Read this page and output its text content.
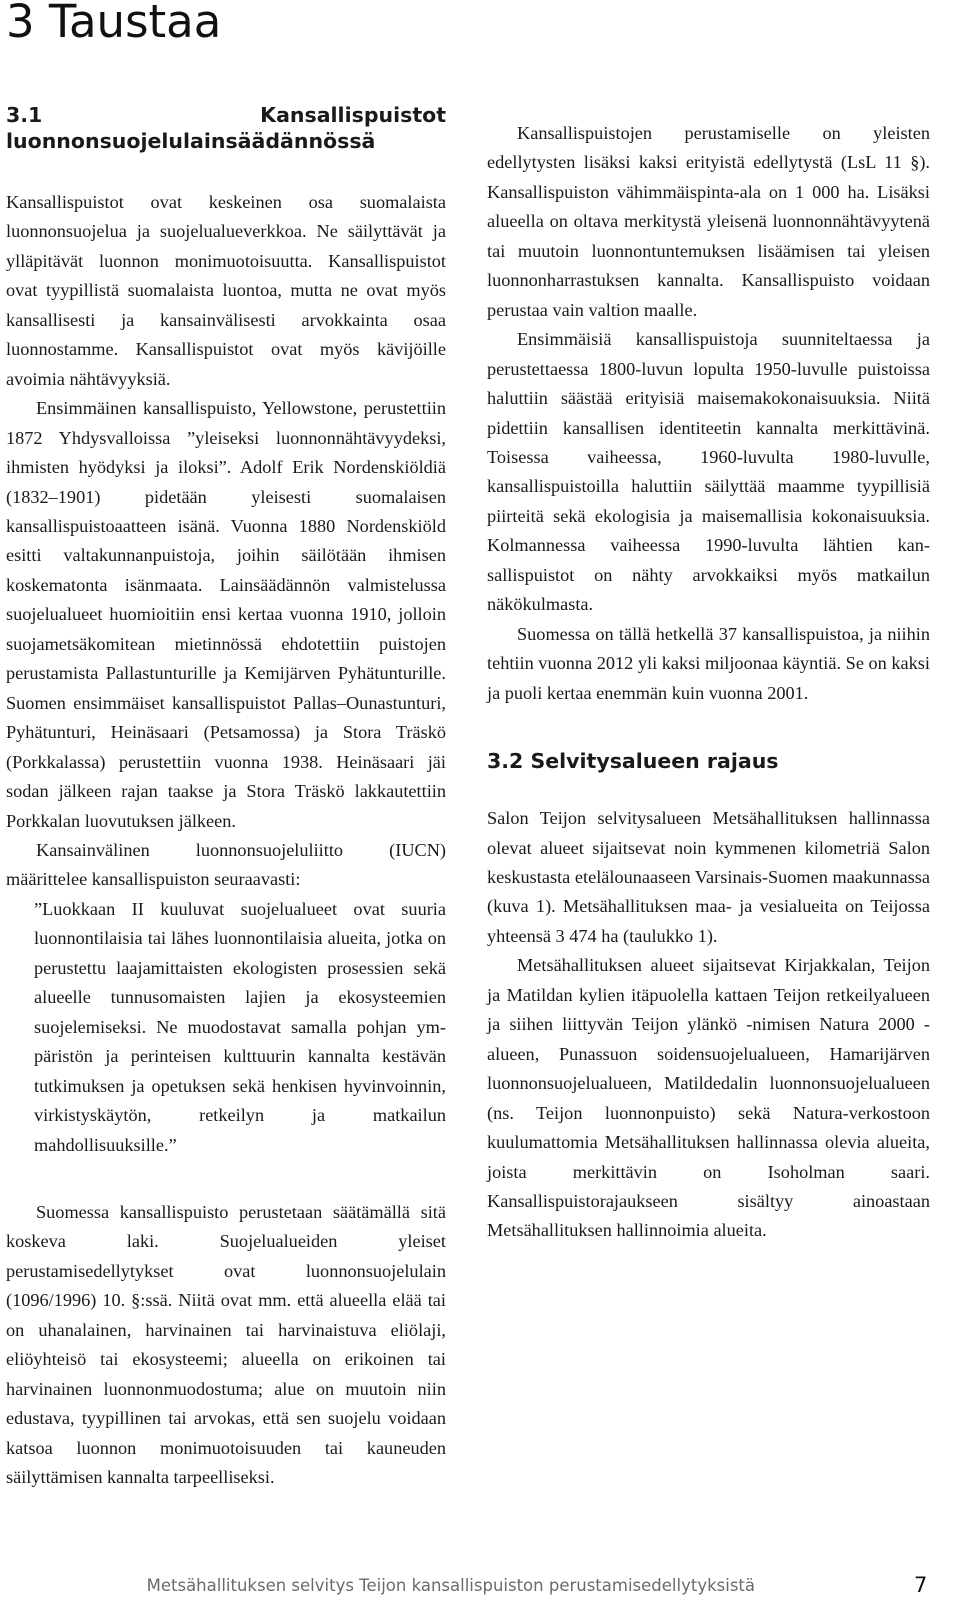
3 Taustaa
3.1 Kansallispuistot luonnonsuojelulainsäädännössä

Kansallispuistot ovat keskeinen osa suomalaista luonnonsuojelua ja suojelualueverkkoa. Ne säilyttävät ja ylläpitävät luonnon monimuotoisuutta. Kansallispuistot ovat tyypillistä suomalaista luontoa, mutta ne ovat myös kansallisesti ja kansainvälisesti arvokkainta osaa luonnostamme. Kansallispuistot ovat myös kävijöille avoimia nähtävyyksiä.

Ensimmäinen kansallispuisto, Yellowstone, perustettiin 1872 Yhdysvalloissa ”yleiseksi luonnonnähtävyydeksi, ihmisten hyödyksi ja iloksi”. Adolf Erik Nordenskiöldiä (1832–1901) pidetään yleisesti suomalaisen kansallispuistoaatteen isänä. Vuonna 1880 Nordenskiöld esitti valtakunnanpuistoja, joihin säilötään ihmisen koskematonta isänmaata. Lainsäädännön valmistelussa suojelualueet huomioitiin ensi kertaa vuonna 1910, jolloin suojametsäkomitean mietinnössä ehdotettiin puistojen perustamista Pallastunturille ja Kemijärven Pyhätunturille. Suomen ensimmäiset kansallispuistot Pallas–Ounastunturi, Pyhätunturi, Heinäsaari (Petsamossa) ja Stora Träskö (Porkkalassa) perustettiin vuonna 1938. Heinäsaari jäi sodan jälkeen rajan taakse ja Stora Träskö lakkautettiin Porkkalan luovutuksen jälkeen.

Kansainvälinen luonnonsuojeluliitto (IUCN) määrittelee kansallispuiston seuraavasti:

”Luokkaan II kuuluvat suojelualueet ovat suuria luonnontilaisia tai lähes luonnontilaisia alueita, jotka on perustettu laajamittaisten ekologisten prosessien sekä alueelle tunnusomaisten lajien ja ekosysteemien suojelemiseksi. Ne muodostavat samalla pohjan ympäristön ja perinteisen kulttuurin kannalta kestävän tutkimuksen ja opetuksen sekä henkisen hyvinvoinnin, virkistyskäytön, retkeilyn ja matkailun mahdollisuuksille.”

Suomessa kansallispuisto perustetaan säätämällä sitä koskeva laki. Suojelualueiden yleiset perustamisedellytykset ovat luonnonsuojelulain (1096/1996) 10. §:ssä. Niitä ovat mm. että alueella elää tai on uhanalainen, harvinainen tai harvinaistuva eliölaji, eliöyhteisö tai ekosysteemi; alueella on erikoinen tai harvinainen luonnonmuodostuma; alue on muutoin niin edustava, tyypillinen tai arvokas, että sen suojelu voidaan katsoa luonnon monimuotoisuuden tai kauneuden säilyttämisen kannalta tarpeelliseksi.

Kansallispuistojen perustamiselle on yleisten edellytysten lisäksi kaksi erityistä edellytystä (LsL 11 §). Kansallispuiston vähimmäispinta-ala on 1 000 ha. Lisäksi alueella on oltava merkitystä yleisenä luonnonnähtävyytenä tai muutoin luonnontuntemuksen lisäämisen tai yleisen luonnonharrastuksen kannalta. Kansallispuisto voidaan perustaa vain valtion maalle.

Ensimmäisiä kansallispuistoja suunniteltaessa ja perustettaessa 1800-luvun lopulta 1950-luvulle puistoissa haluttiin säästää erityisiä maisemakokonaisuuksia. Niitä pidettiin kansallisen identiteetin kannalta merkittävinä. Toisessa vaiheessa, 1960-luvulta 1980-luvulle, kansallispuistoilla haluttiin säilyttää maamme tyypillisiä piirteitä sekä ekologisia ja maisemallisia kokonaisuuksia. Kolmannessa vaiheessa 1990-luvulta lähtien kansallispuistot on nähty arvokkaiksi myös matkailun näkökulmasta.

Suomessa on tällä hetkellä 37 kansallispuistoa, ja niihin tehtiin vuonna 2012 yli kaksi miljoonaa käyntiä. Se on kaksi ja puoli kertaa enemmän kuin vuonna 2001.

3.2 Selvitysalueen rajaus

Salon Teijon selvitysalueen Metsähallituksen hallinnassa olevat alueet sijaitsevat noin kymmenen kilometriä Salon keskustasta etelälounaaseen Varsinais-Suomen maakunnassa (kuva 1). Metsähallituksen maa- ja vesialueita on Teijossa yhteensä 3 474 ha (taulukko 1).

Metsähallituksen alueet sijaitsevat Kirjakkalan, Teijon ja Matildan kylien itäpuolella kattaen Teijon retkeilyalueen ja siihen liittyvän Teijon ylänkö -nimisen Natura 2000 -alueen, Punassuon soidensuojelualueen, Hamarijärven luonnonsuojelualueen, Matildedalin luonnonsuojelualueen (ns. Teijon luonnonpuisto) sekä Natura-verkostoon kuulumattomia Metsähallituksen hallinnassa olevia alueita, joista merkittävin on Isoholman saari. Kansallispuistorajaukseen sisältyy ainoastaan Metsähallituksen hallinnoimia alueita.

Metsähallituksen selvitys Teijon kansallispuiston perustamisedellytyksistä	7
